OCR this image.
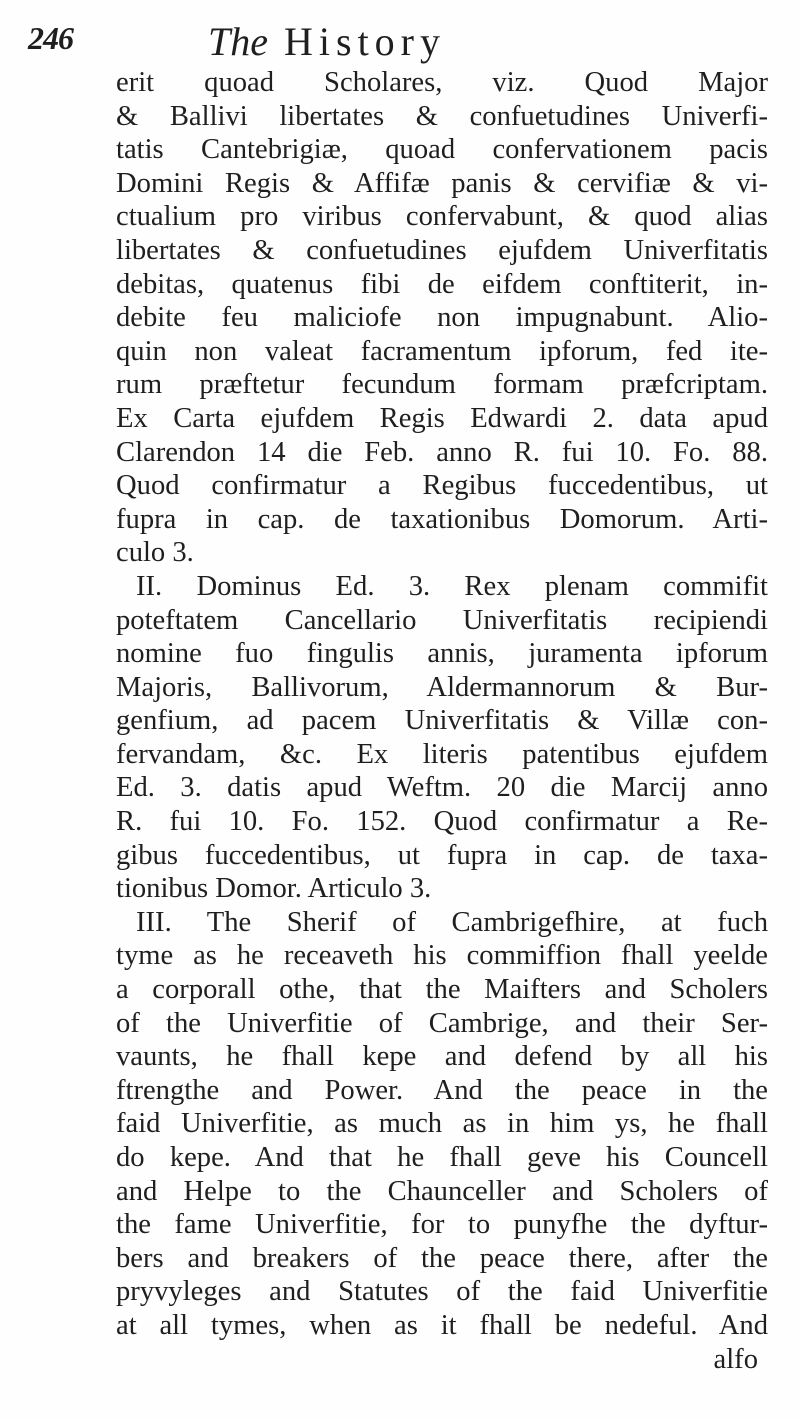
246	The History
erit quoad Scholares, viz. Quod Major
& Ballivi libertates & confuetudines Univerfi-
tatis Cantebrigiæ, quoad confervationem pacis
Domini Regis & Affifæ panis & cervifiæ & vi-
ctualium pro viribus confervabunt, & quod alias
libertates & confuetudines ejufdem Univerfitatis
debitas, quatenus fibi de eifdem conftiterit, in-
debite feu maliciofe non impugnabunt. Alio-
quin non valeat facramentum ipforum, fed ite-
rum præftetur fecundum formam præfcriptam.
Ex Carta ejufdem Regis Edwardi 2. data apud
Clarendon 14 die Feb. anno R. fui 10. Fo. 88.
Quod confirmatur a Regibus fuccedentibus, ut
fupra in cap. de taxationibus Domorum. Arti-
culo 3.
II. Dominus Ed. 3. Rex plenam commifit
poteftatem Cancellario Univerfitatis recipiendi
nomine fuo fingulis annis, juramenta ipforum
Majoris, Ballivorum, Aldermannorum & Bur-
genfium, ad pacem Univerfitatis & Villæ con-
fervandam, &c. Ex literis patentibus ejufdem
Ed. 3. datis apud Weftm. 20 die Marcij anno
R. fui 10. Fo. 152. Quod confirmatur a Re-
gibus fuccedentibus, ut fupra in cap. de taxa-
tionibus Domor. Articulo 3.
III. The Sherif of Cambrigefhire, at fuch
tyme as he receaveth his commiffion fhall yeelde
a corporall othe, that the Maifters and Scholers
of the Univerfitie of Cambrige, and their Ser-
vaunts, he fhall kepe and defend by all his
ftrengthe and Power. And the peace in the
faid Univerfitie, as much as in him ys, he fhall
do kepe. And that he fhall geve his Councell
and Helpe to the Chaunceller and Scholers of
the fame Univerfitie, for to punyfhe the dyftur-
bers and breakers of the peace there, after the
pryvyleges and Statutes of the faid Univerfitie
at all tymes, when as it fhall be nedeful. And
alfo
